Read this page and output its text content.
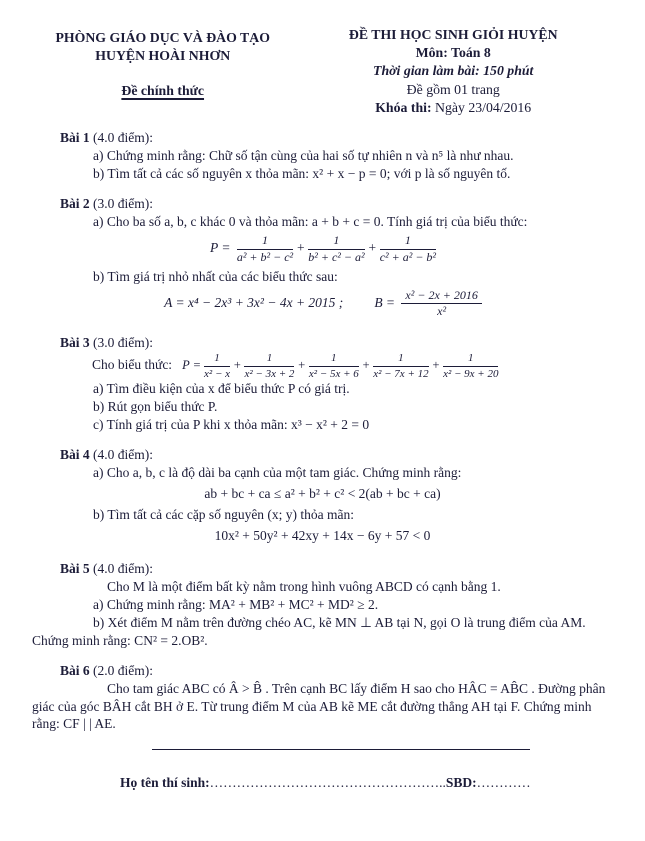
PHÒNG GIÁO DỤC VÀ ĐÀO TẠO
HUYỆN HOÀI NHƠN
Đề chính thức
ĐỀ THI HỌC SINH GIỎI HUYỆN
Môn: Toán 8
Thời gian làm bài: 150 phút
Đề gồm 01 trang
Khóa thi: Ngày 23/04/2016
Bài 1 (4.0 điểm):
a) Chứng minh rằng: Chữ số tận cùng của hai số tự nhiên n và n⁵ là như nhau.
b) Tìm tất cả các số nguyên x thỏa mãn: x² + x − p = 0; với p là số nguyên tố.
Bài 2 (3.0 điểm):
a) Cho ba số a, b, c khác 0 và thỏa mãn: a + b + c = 0. Tính giá trị của biểu thức:
$P = \frac{1}{\text{a² + b² − c²}} + \frac{1}{\text{b² + c² − a²}} + \frac{1}{\text{c² + a² − b²}}$
b) Tìm giá trị nhỏ nhất của các biểu thức sau:
A = x⁴ − 2x³ + 3x² − 4x + 2015 ;        $B = \frac{\text{x² − 2x + 2016}}{\text{x²}}$
Bài 3 (3.0 điểm):
Cho biểu thức: $P = \frac{1}{\text{x² − x}} + \frac{1}{\text{x² − 3x + 2}} + \frac{1}{\text{x² − 5x + 6}} + \frac{1}{\text{x² − 7x + 12}} + \frac{1}{\text{x² − 9x + 20}}$
a) Tìm điều kiện của x để biểu thức P có giá trị.
b) Rút gọn biểu thức P.
c) Tính giá trị của P khi x thỏa mãn: x³ − x² + 2 = 0
Bài 4 (4.0 điểm):
a) Cho a, b, c là độ dài ba cạnh của một tam giác. Chứng minh rằng:
ab + bc + ca ≤ a² + b² + c² < 2(ab + bc + ca)
b) Tìm tất cả các cặp số nguyên (x; y) thỏa mãn:
10x² + 50y² + 42xy + 14x − 6y + 57 < 0
Bài 5 (4.0 điểm):
Cho M là một điểm bất kỳ nằm trong hình vuông ABCD có cạnh bằng 1.
a) Chứng minh rằng: MA² + MB² + MC² + MD² ≥ 2.
b) Xét điểm M nằm trên đường chéo AC, kẽ MN ⊥ AB tại N, gọi O là trung điểm của AM. Chứng minh rằng: CN² = 2.OB².
Bài 6 (2.0 điểm):
Cho tam giác ABC có Â > B̂ . Trên cạnh BC lấy điểm H sao cho HÂC = AB̂C . Đường phân giác của góc BÂH cắt BH ở E. Từ trung điểm M của AB kẽ ME cắt đường thẳng AH tại F. Chứng minh rằng: CF | | AE.
Họ tên thí sinh:……………………………………………..SBD:…………
